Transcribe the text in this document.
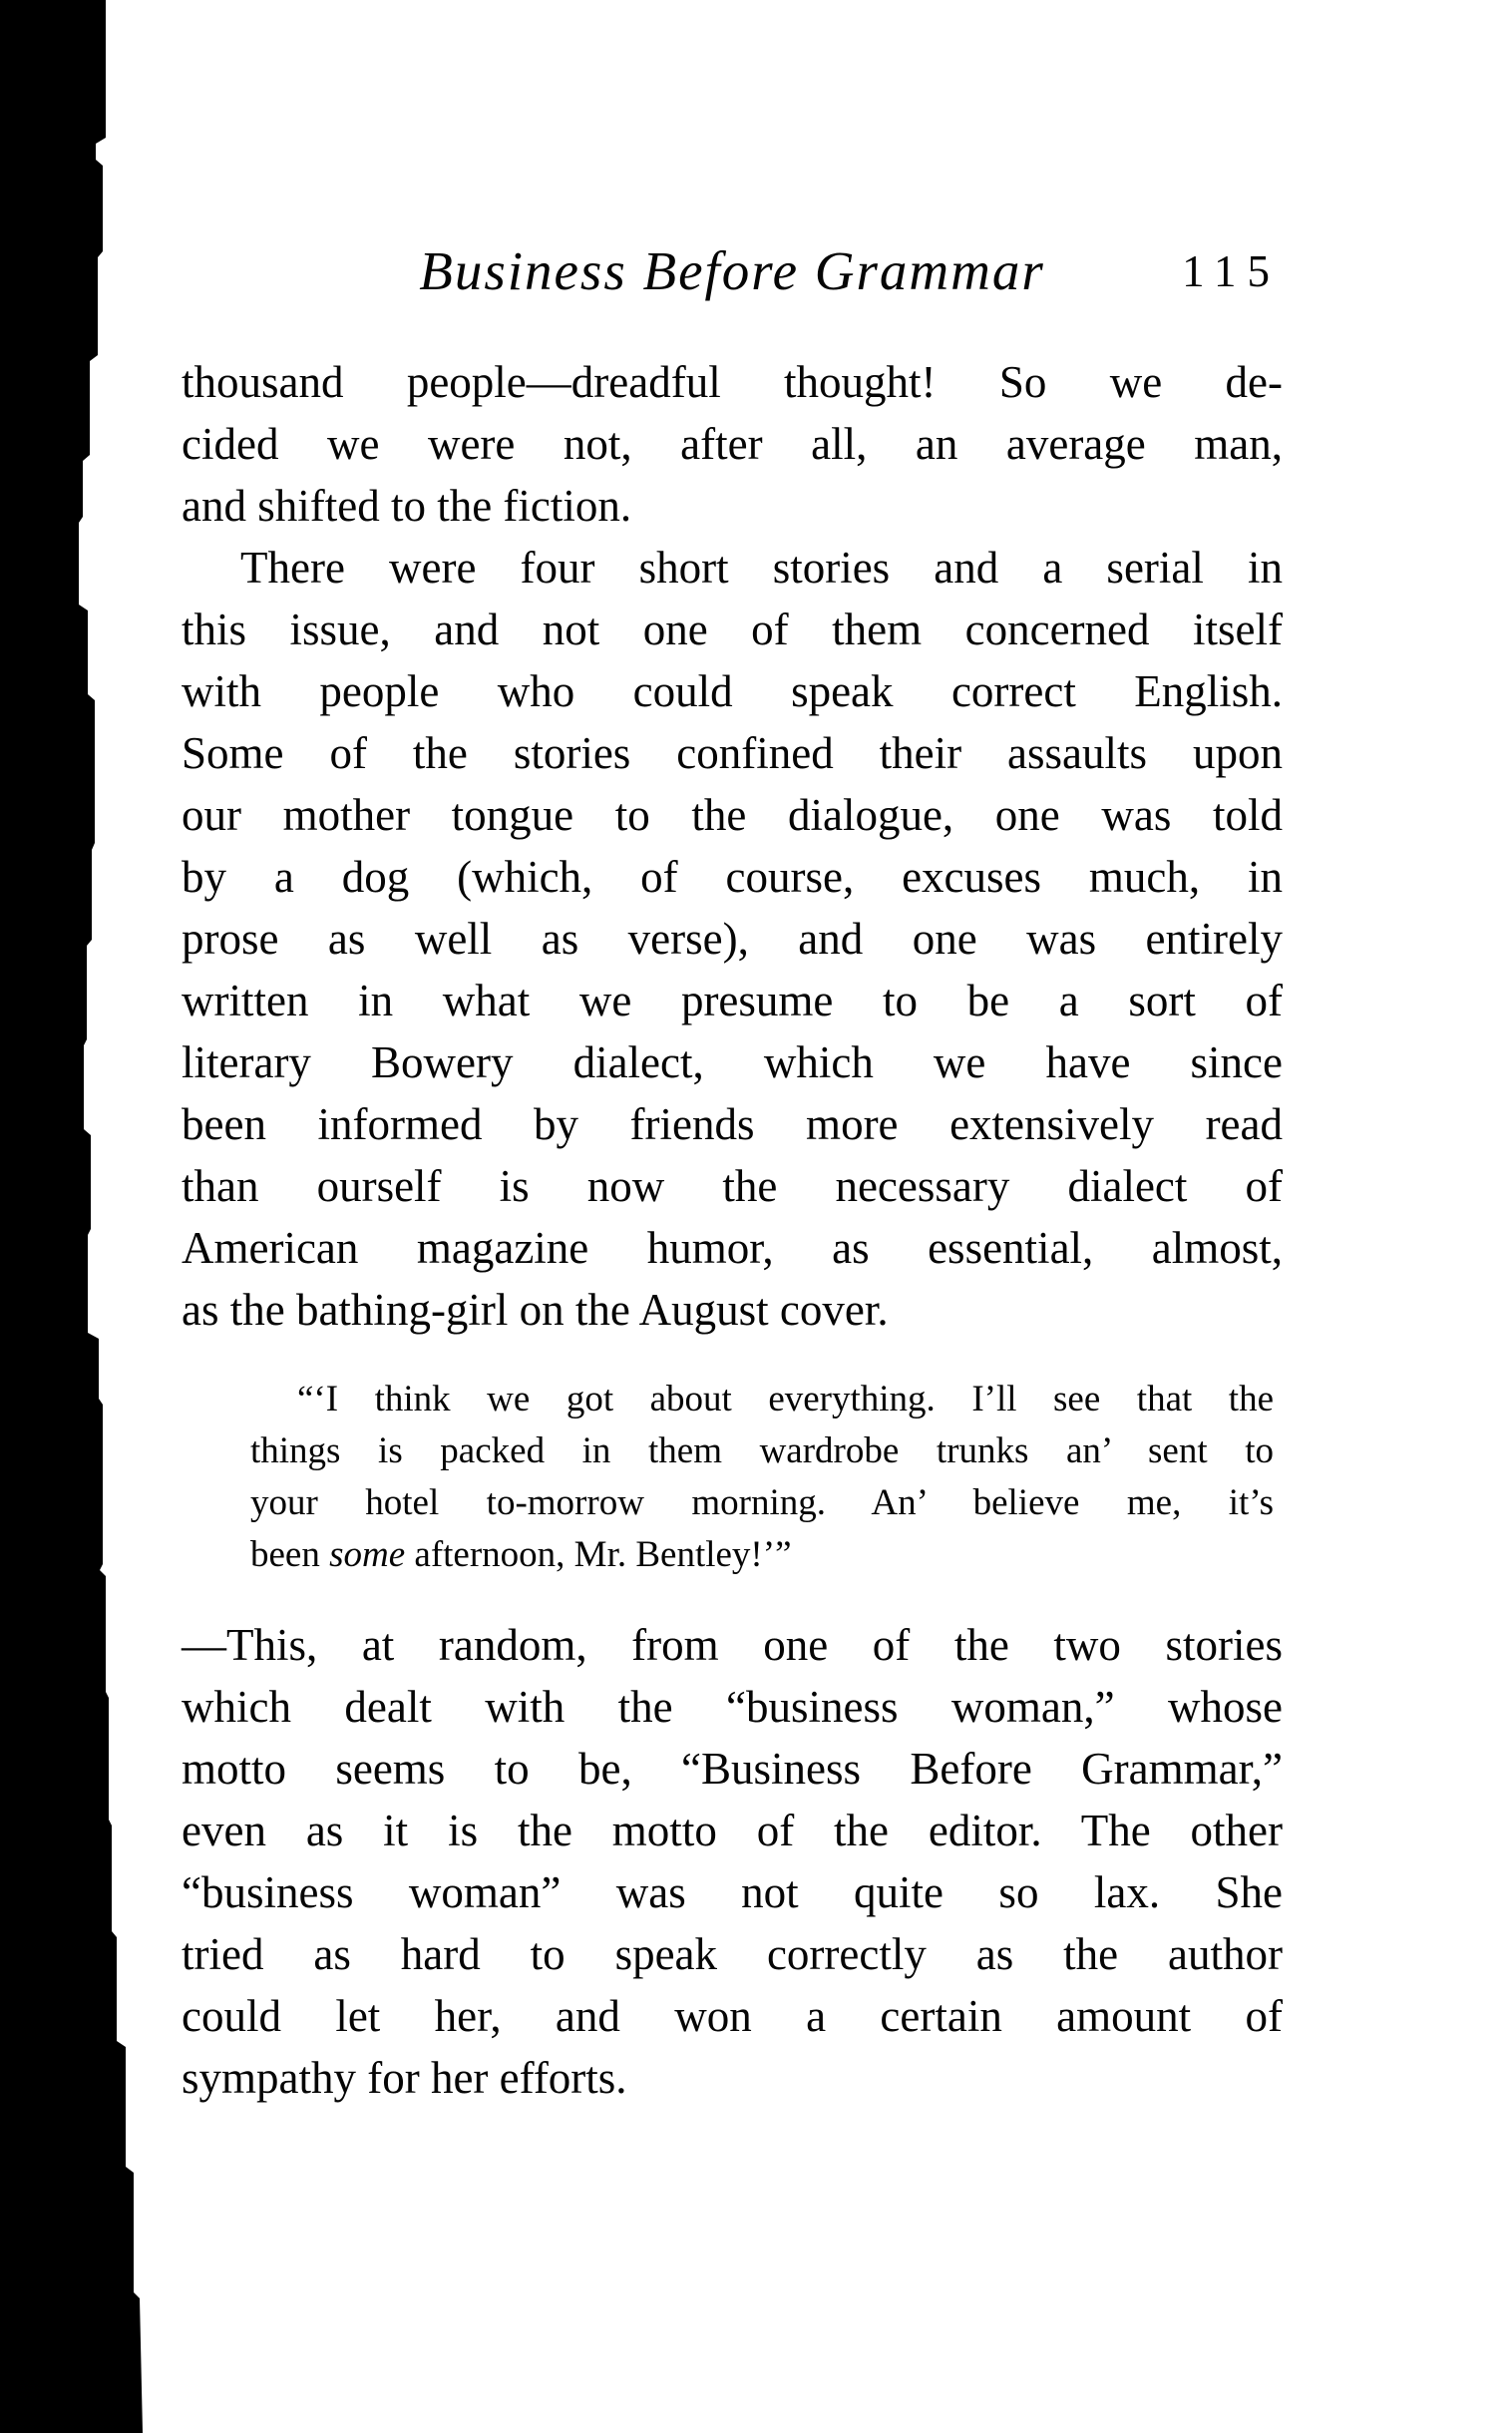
Business Before Grammar	115
thousand people—dreadful thought! So we de-
cided we were not, after all, an average man,
and shifted to the fiction.
There were four short stories and a serial in
this issue, and not one of them concerned itself
with people who could speak correct English.
Some of the stories confined their assaults upon
our mother tongue to the dialogue, one was told
by a dog (which, of course, excuses much, in
prose as well as verse), and one was entirely
written in what we presume to be a sort of
literary Bowery dialect, which we have since
been informed by friends more extensively read
than ourself is now the necessary dialect of
American magazine humor, as essential, almost,
as the bathing-girl on the August cover.
“‘I think we got about everything. I’ll see that the
things is packed in them wardrobe trunks an’ sent to
your hotel to-morrow morning. An’ believe me, it’s
been some afternoon, Mr. Bentley!’”
—This, at random, from one of the two stories
which dealt with the “business woman,” whose
motto seems to be, “Business Before Grammar,”
even as it is the motto of the editor. The other
“business woman” was not quite so lax. She
tried as hard to speak correctly as the author
could let her, and won a certain amount of
sympathy for her efforts.
